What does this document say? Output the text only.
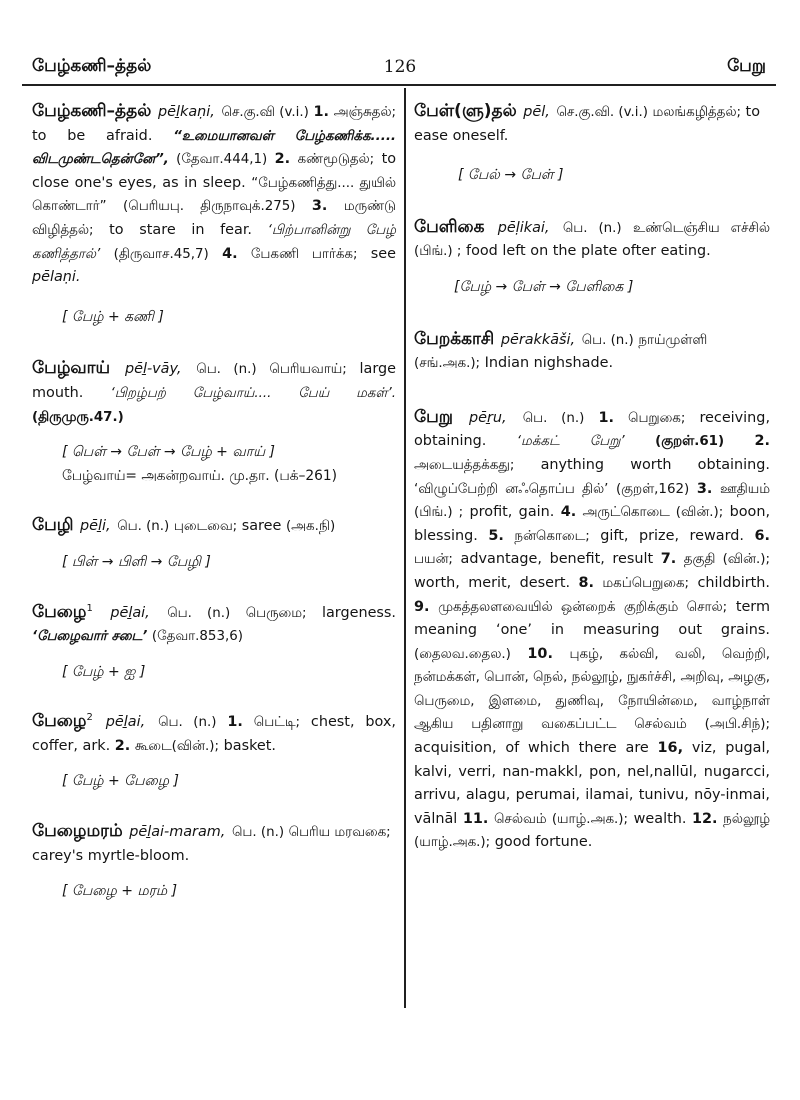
பேழ்கணி–த்தல்	126	பேறு
பேழ்கணி–த்தல் pēḻkaṇi, செ.கு.வி (v.i.) 1. அஞ்சுதல்; to be afraid. “உமையானவள் பேழ்கணிக்க..... விடமுண்டதென்னே”, (தேவா.444,1) 2. கண்மூடுதல்; to close one's eyes, as in sleep. “பேழ்கணித்து.... துயில் கொண்டார்” (பெரியபு. திருநாவுக்.275) 3. மருண்டு விழித்தல்; to stare in fear. ‘பிற்பானின்று பேழ் கணித்தால்’ (திருவாச.45,7) 4. பேகணி பார்க்க; see pēlaṇi.
[ பேழ் + கணி ]
பேழ்வாய் pēḻ-vāy, பெ. (n.) பெரியவாய்; large mouth. ‘பிறழ்பற் பேழ்வாய்.... பேய் மகள்’. (திருமுரு.47.)
[ பெள் → பேள் → பேழ் + வாய் ]
பேழ்வாய்= அகன்றவாய். மு.தா. (பக்–261)
பேழி pēḻi, பெ. (n.) புடைவை; saree (அக.நி)
[ பிள் → பிளி → பேழி ]
பேழை$^1$ pēḻai, பெ. (n.) பெருமை; largeness. ‘பேழைவார் சடை’ (தேவா.853,6)
[ பேழ் + ஐ ]
பேழை$^2$ pēḻai, பெ. (n.) 1. பெட்டி; chest, box, coffer, ark. 2. கூடை(வின்.); basket.
[ பேழ் + பேழை ]
பேழைமரம் pēḻai-maram, பெ. (n.) பெரிய மரவகை; carey's myrtle-bloom.
[ பேழை + மரம் ]
பேள்(ளு)தல் pēl, செ.கு.வி. (v.i.) மலங்கழித்தல்; to ease oneself.
[ பேல் → பேள் ]
பேளிகை pēḷikai, பெ. (n.) உண்டெஞ்சிய எச்சில் (பிங்.) ; food left on the plate ofter eating.
[பேழ் → பேள் → பேளிகை ]
பேறக்காசி pērakkāši, பெ. (n.) நாய்முள்ளி (சங்.அக.); Indian nighshade.
பேறு pēṟu, பெ. (n.) 1. பெறுகை; receiving, obtaining. ‘மக்கட் பேறு’ (குறள்.61) 2. அடையத்தக்கது; anything worth obtaining. ‘விழுப்பேற்றி னஃதொப்ப தில்’ (குறள்,162) 3. ஊதியம் (பிங்.) ; profit, gain. 4. அருட்கொடை (வின்.); boon, blessing. 5. நன்கொடை; gift, prize, reward. 6. பயன்; advantage, benefit, result 7. தகுதி (வின்.); worth, merit, desert. 8. மகப்பெறுகை; childbirth. 9. முகத்தலளவையில் ஒன்றைக் குறிக்கும் சொல்; term meaning ‘one’ in measuring out grains. (தைலவ.தைல.) 10. புகழ், கல்வி, வலி, வெற்றி, நன்மக்கள், பொன், நெல், நல்லூழ், நுகர்ச்சி, அறிவு, அழகு, பெருமை, இளமை, துணிவு, நோயின்மை, வாழ்நாள் ஆகிய பதினாறு வகைப்பட்ட செல்வம் (அபி.சிந்); acquisition, of which there are 16, viz, pugal, kalvi, verri, nan-makkl, pon, nel,nallūl, nugarcci, arrivu, alagu, perumai, ilamai, tunivu, nōy-inmai, vālnāl 11. செல்வம் (யாழ்.அக.); wealth. 12. நல்லூழ் (யாழ்.அக.); good fortune.
